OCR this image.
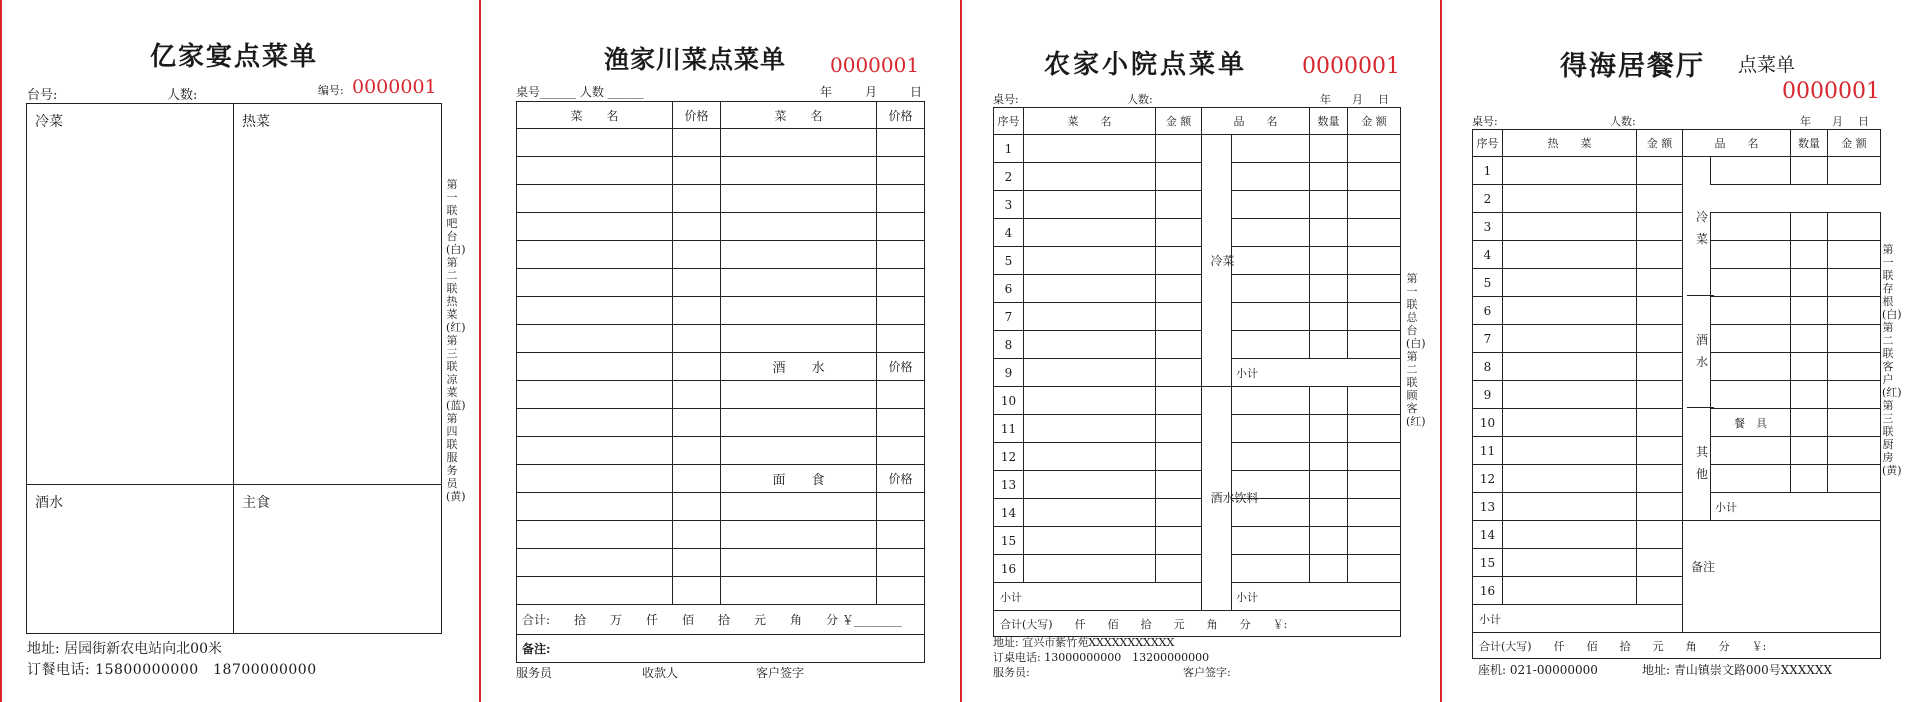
亿家宴点菜单
台号:	人数:	编号: 0000001
冷菜	热菜

酒水	主食
第一联吧台(白) 第二联热菜(红) 第三联凉菜(蓝) 第四联服务员(黄)
地址: 居园街新农电站向北00米
订餐电话: 15800000000　18700000000
渔家川菜点菜单 0000001
桌号______ 人数 ______	年	月	日
菜　　名	价格	菜　　名	价格

		酒　　水	价格

		面　　食	价格

合计:　　拾　　万　　仟　　佰　　拾　　元　　角　　分 ￥________			
备注:			
服务员	收款人	客户签字
农家小院点菜单 0000001
桌号:	人数:	年 月 日
序号	菜　　名	金 额	品　　名		数量	金 额
1			冷菜			

2						
3						
4						
5						
6						
7						
8						
9				小计		
10			酒水饮料			

11						
12						
13						
14						
15						
16						
小计				小计		
合计(大写)　　仟　　佰　　拾　　元　　角　　分　　￥:						
地址: 宜兴市紫竹苑XXXXXXXXXXX
订桌电话: 13000000000　13200000000
服务员:	客户签字:
第一联总台(白) 第二联顾客(红)
得海居餐厅 点菜单
0000001
桌号:	人数:	年 月 日
序号	热　　菜	金 额	品　　名		数量	金 额
1						
2						
3						
4						
5						
6						
7						
8						
9						
10				餐　具		
11						
12						
13				小计		
14			备注			

15						
16						
小计						
合计(大写)　　仟　　佰　　拾　　元　　角　　分　　￥:						
冷菜
酒水
其他
座机: 021-00000000	地址: 青山镇崇文路000号XXXXXX
第一联存根(白) 第二联客户(红) 第三联厨房(黄)
